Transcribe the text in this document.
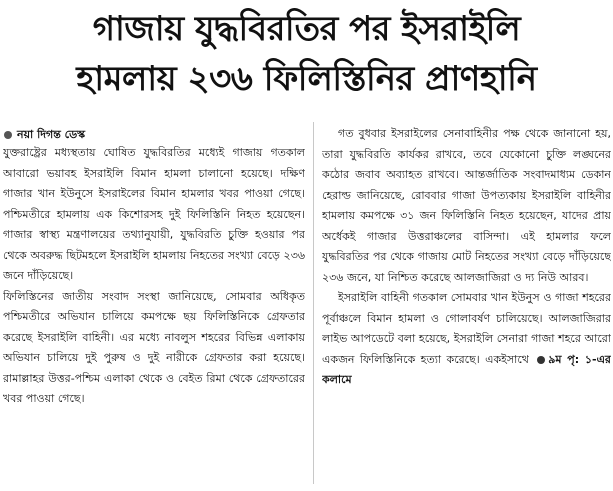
গাজায় যুদ্ধবিরতির পর ইসরাইলি
হামলায় ২৩৬ ফিলিস্তিনির প্রাণহানি
নয়া দিগন্ত ডেস্ক

যুক্তরাষ্ট্রের মধ্যস্থতায় ঘোষিত যুদ্ধবিরতির মধ্যেই গাজায় গতকাল আবারো ভয়াবহ ইসরাইলি বিমান হামলা চালানো হয়েছে। দক্ষিণ গাজার খান ইউনুসে ইসরাইলের বিমান হামলার খবর পাওয়া গেছে। পশ্চিমতীরে হামলায় এক কিশোরসহ দুই ফিলিস্তিনি নিহত হয়েছেন। গাজার স্বাস্থ্য মন্ত্রণালয়ের তথ্যানুযায়ী, যুদ্ধবিরতি চুক্তি হওয়ার পর থেকে অবরুদ্ধ ছিটমহলে ইসরাইলি হামলায় নিহতের সংখ্যা বেড়ে ২৩৬ জনে দাঁড়িয়েছে।

ফিলিস্তিনের জাতীয় সংবাদ সংস্থা জানিয়েছে, সোমবার অধিকৃত পশ্চিমতীরে অভিযান চালিয়ে কমপক্ষে ছয় ফিলিস্তিনিকে গ্রেফতার করেছে ইসরাইলি বাহিনী। এর মধ্যে নাবলুস শহরের বিভিন্ন এলাকায় অভিযান চালিয়ে দুই পুরুষ ও দুই নারীকে গ্রেফতার করা হয়েছে। রামাল্লাহর উত্তর-পশ্চিম এলাকা থেকে ও বেইত রিমা থেকে গ্রেফতারের খবর পাওয়া গেছে।

গত বুধবার ইসরাইলের সেনাবাহিনীর পক্ষ থেকে জানানো হয়, তারা যুদ্ধবিরতি কার্যকর রাখবে, তবে যেকোনো চুক্তি লঙ্ঘনের কঠোর জবাব অব্যাহত রাখবে। আন্তর্জাতিক সংবাদমাধ্যম ডেকান হেরাল্ড জানিয়েছে, রোববার গাজা উপত্যকায় ইসরাইলি বাহিনীর হামলায় কমপক্ষে ৩১ জন ফিলিস্তিনি নিহত হয়েছেন, যাদের প্রায় অর্ধেকই গাজার উত্তরাঞ্চলের বাসিন্দা। এই হামলার ফলে যুদ্ধবিরতির পর থেকে গাজায় মোট নিহতের সংখ্যা বেড়ে দাঁড়িয়েছে ২৩৬ জনে, যা নিশ্চিত করেছে আলজাজিরা ও দ্য নিউ আরব।

ইসরাইলি বাহিনী গতকাল সোমবার খান ইউনুস ও গাজা শহরের পূর্বাঞ্চলে বিমান হামলা ও গোলাবর্ষণ চালিয়েছে। আলজাজিরার লাইভ আপডেটে বলা হয়েছে, ইসরাইলি সেনারা গাজা শহরে আরো একজন ফিলিস্তিনিকে হত্যা করেছে। একইসাথে ৯ম পৃ: ১-এর কলামে
